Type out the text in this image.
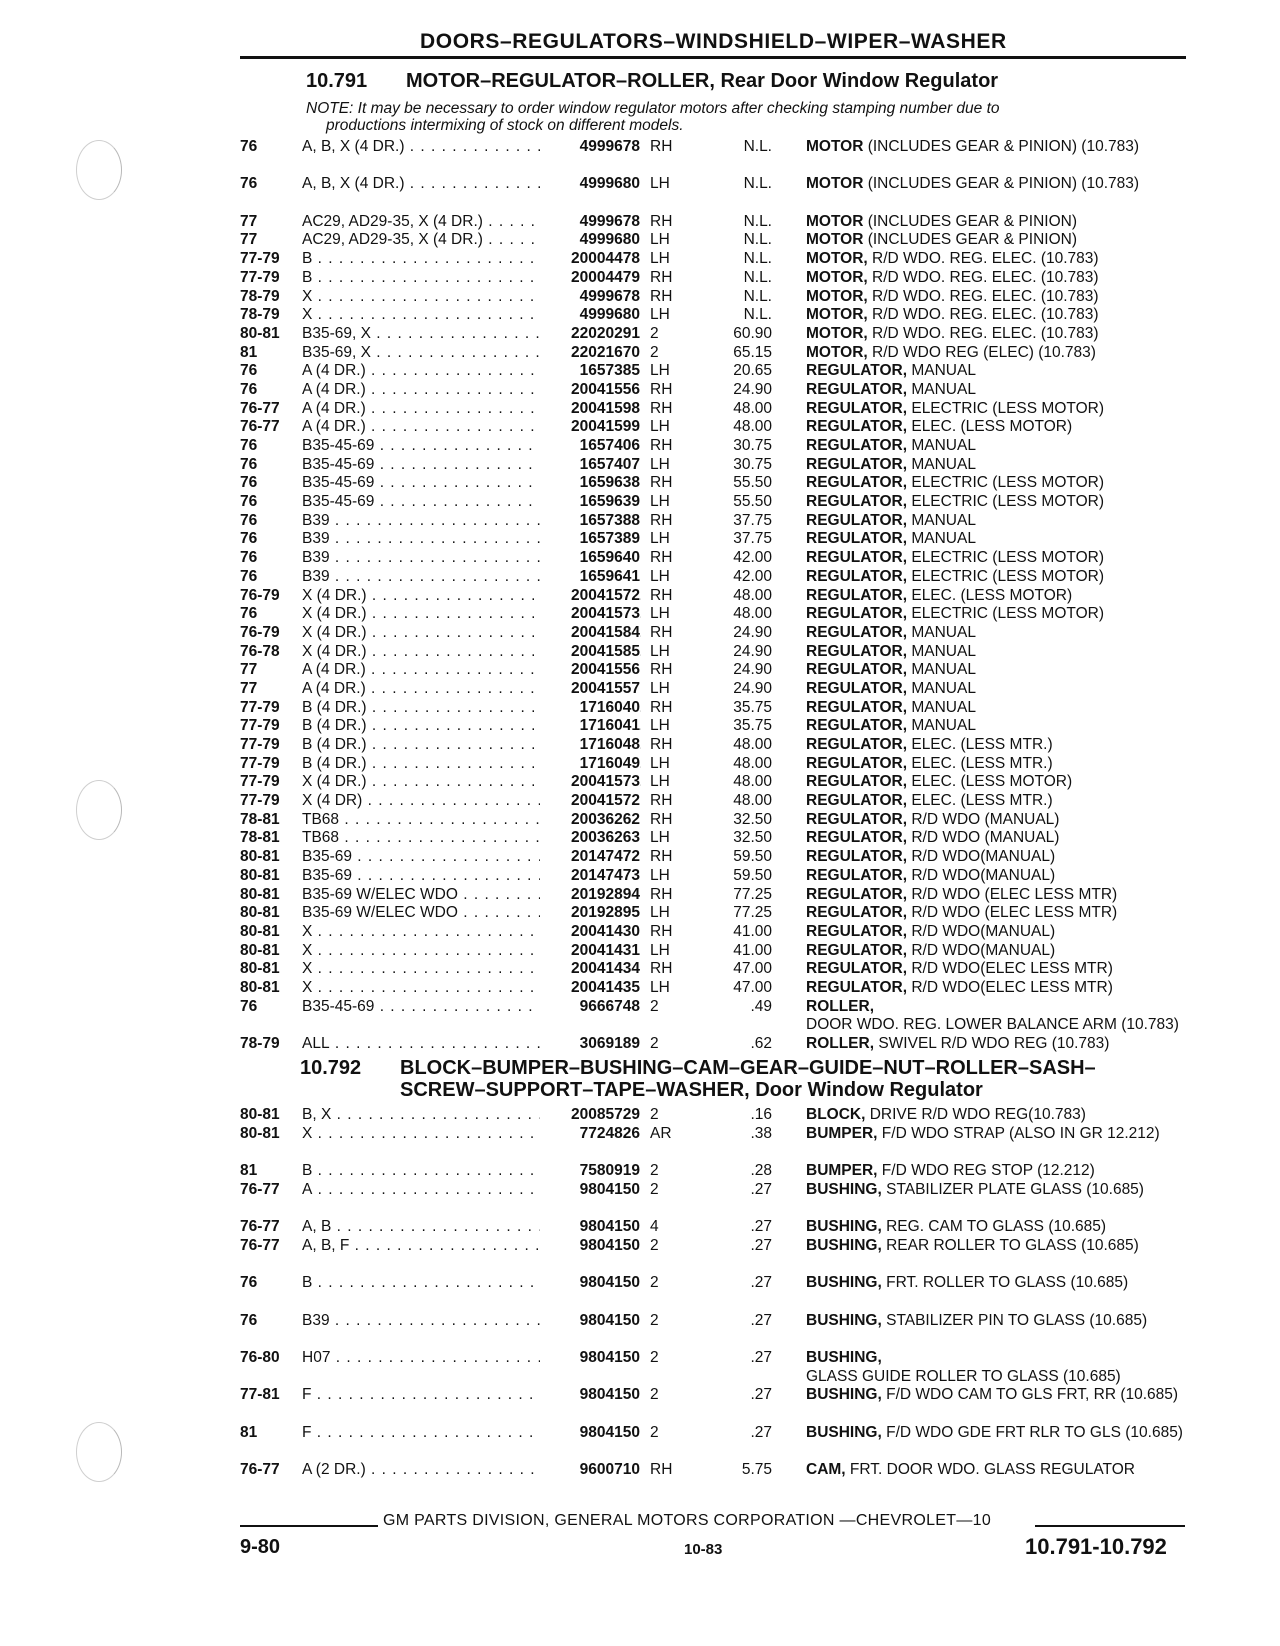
DOORS–REGULATORS–WINDSHIELD–WIPER–WASHER
10.791 MOTOR–REGULATOR–ROLLER, Rear Door Window Regulator
NOTE: It may be necessary to order window regulator motors after checking stamping number due to
productions intermixing of stock on different models.
76	A, B, X (4 DR.) . . .	4999678 RH	N.L. MOTOR (INCLUDES GEAR & PINION) (10.783)
76	A, B, X (4 DR.) . . .	4999680 LH	N.L. MOTOR (INCLUDES GEAR & PINION) (10.783)
77	AC29, AD29-35, X (4 DR.) . . .	4999678 RH	N.L. MOTOR (INCLUDES GEAR & PINION)
77	AC29, AD29-35, X (4 DR.) . . .	4999680 LH	N.L. MOTOR (INCLUDES GEAR & PINION)
77-79	B . . .	20004478 LH	N.L. MOTOR, R/D WDO. REG. ELEC. (10.783)
77-79	B . . .	20004479 RH	N.L. MOTOR, R/D WDO. REG. ELEC. (10.783)
78-79	X . . .	4999678 RH	N.L. MOTOR, R/D WDO. REG. ELEC. (10.783)
78-79	X . . .	4999680 LH	N.L. MOTOR, R/D WDO. REG. ELEC. (10.783)
80-81	B35-69, X . . .	22020291 2	60.90 MOTOR, R/D WDO. REG. ELEC. (10.783)
81	B35-69, X . . .	22021670 2	65.15 MOTOR, R/D WDO REG (ELEC) (10.783)
76	A (4 DR.) . . .	1657385 LH	20.65 REGULATOR, MANUAL
76	A (4 DR.) . . .	20041556 RH	24.90 REGULATOR, MANUAL
76-77	A (4 DR.) . . .	20041598 RH	48.00 REGULATOR, ELECTRIC (LESS MOTOR)
76-77	A (4 DR.) . . .	20041599 LH	48.00 REGULATOR, ELEC. (LESS MOTOR)
76	B35-45-69 . . .	1657406 RH	30.75 REGULATOR, MANUAL
76	B35-45-69 . . .	1657407 LH	30.75 REGULATOR, MANUAL
76	B35-45-69 . . .	1659638 RH	55.50 REGULATOR, ELECTRIC (LESS MOTOR)
76	B35-45-69 . . .	1659639 LH	55.50 REGULATOR, ELECTRIC (LESS MOTOR)
76	B39 . . .	1657388 RH	37.75 REGULATOR, MANUAL
76	B39 . . .	1657389 LH	37.75 REGULATOR, MANUAL
76	B39 . . .	1659640 RH	42.00 REGULATOR, ELECTRIC (LESS MOTOR)
76	B39 . . .	1659641 LH	42.00 REGULATOR, ELECTRIC (LESS MOTOR)
76-79	X (4 DR.) . . .	20041572 RH	48.00 REGULATOR, ELEC. (LESS MOTOR)
76	X (4 DR.) . . .	20041573 LH	48.00 REGULATOR, ELECTRIC (LESS MOTOR)
76-79	X (4 DR.) . . .	20041584 RH	24.90 REGULATOR, MANUAL
76-78	X (4 DR.) . . .	20041585 LH	24.90 REGULATOR, MANUAL
77	A (4 DR.) . . .	20041556 RH	24.90 REGULATOR, MANUAL
77	A (4 DR.) . . .	20041557 LH	24.90 REGULATOR, MANUAL
77-79	B (4 DR.) . . .	1716040 RH	35.75 REGULATOR, MANUAL
77-79	B (4 DR.) . . .	1716041 LH	35.75 REGULATOR, MANUAL
77-79	B (4 DR.) . . .	1716048 RH	48.00 REGULATOR, ELEC. (LESS MTR.)
77-79	B (4 DR.) . . .	1716049 LH	48.00 REGULATOR, ELEC. (LESS MTR.)
77-79	X (4 DR.) . . .	20041573 LH	48.00 REGULATOR, ELEC. (LESS MOTOR)
77-79	X (4 DR) . . .	20041572 RH	48.00 REGULATOR, ELEC. (LESS MTR.)
78-81	TB68 . . .	20036262 RH	32.50 REGULATOR, R/D WDO (MANUAL)
78-81	TB68 . . .	20036263 LH	32.50 REGULATOR, R/D WDO (MANUAL)
80-81	B35-69 . . .	20147472 RH	59.50 REGULATOR, R/D WDO(MANUAL)
80-81	B35-69 . . .	20147473 LH	59.50 REGULATOR, R/D WDO(MANUAL)
80-81	B35-69 W/ELEC WDO . . .	20192894 RH	77.25 REGULATOR, R/D WDO (ELEC LESS MTR)
80-81	B35-69 W/ELEC WDO . . .	20192895 LH	77.25 REGULATOR, R/D WDO (ELEC LESS MTR)
80-81	X . . .	20041430 RH	41.00 REGULATOR, R/D WDO(MANUAL)
80-81	X . . .	20041431 LH	41.00 REGULATOR, R/D WDO(MANUAL)
80-81	X . . .	20041434 RH	47.00 REGULATOR, R/D WDO(ELEC LESS MTR)
80-81	X . . .	20041435 LH	47.00 REGULATOR, R/D WDO(ELEC LESS MTR)
76	B35-45-69 . . .	9666748 2	.49 ROLLER, DOOR WDO. REG. LOWER BALANCE ARM (10.783)
78-79	ALL . . .	3069189 2	.62 ROLLER, SWIVEL R/D WDO REG (10.783)
10.792 BLOCK–BUMPER–BUSHING–CAM–GEAR–GUIDE–NUT–ROLLER–SASH–
SCREW–SUPPORT–TAPE–WASHER, Door Window Regulator
80-81	B, X . . .	20085729 2	.16 BLOCK, DRIVE R/D WDO REG(10.783)
80-81	X . . .	7724826 AR	.38 BUMPER, F/D WDO STRAP (ALSO IN GR 12.212)
81	B . . .	7580919 2	.28 BUMPER, F/D WDO REG STOP (12.212)
76-77	A . . .	9804150 2	.27 BUSHING, STABILIZER PLATE GLASS (10.685)
76-77	A, B . . .	9804150 4	.27 BUSHING, REG. CAM TO GLASS (10.685)
76-77	A, B, F . . .	9804150 2	.27 BUSHING, REAR ROLLER TO GLASS (10.685)
76	B . . .	9804150 2	.27 BUSHING, FRT. ROLLER TO GLASS (10.685)
76	B39 . . .	9804150 2	.27 BUSHING, STABILIZER PIN TO GLASS (10.685)
76-80	H07 . . .	9804150 2	.27 BUSHING, GLASS GUIDE ROLLER TO GLASS (10.685)
77-81	F . . .	9804150 2	.27 BUSHING, F/D WDO CAM TO GLS FRT, RR (10.685)
81	F . . .	9804150 2	.27 BUSHING, F/D WDO GDE FRT RLR TO GLS (10.685)
76-77	A (2 DR.) . . .	9600710 RH	5.75 CAM, FRT. DOOR WDO. GLASS REGULATOR
GM PARTS DIVISION, GENERAL MOTORS CORPORATION —CHEVROLET—10
9-80	10-83	10.791-10.792
